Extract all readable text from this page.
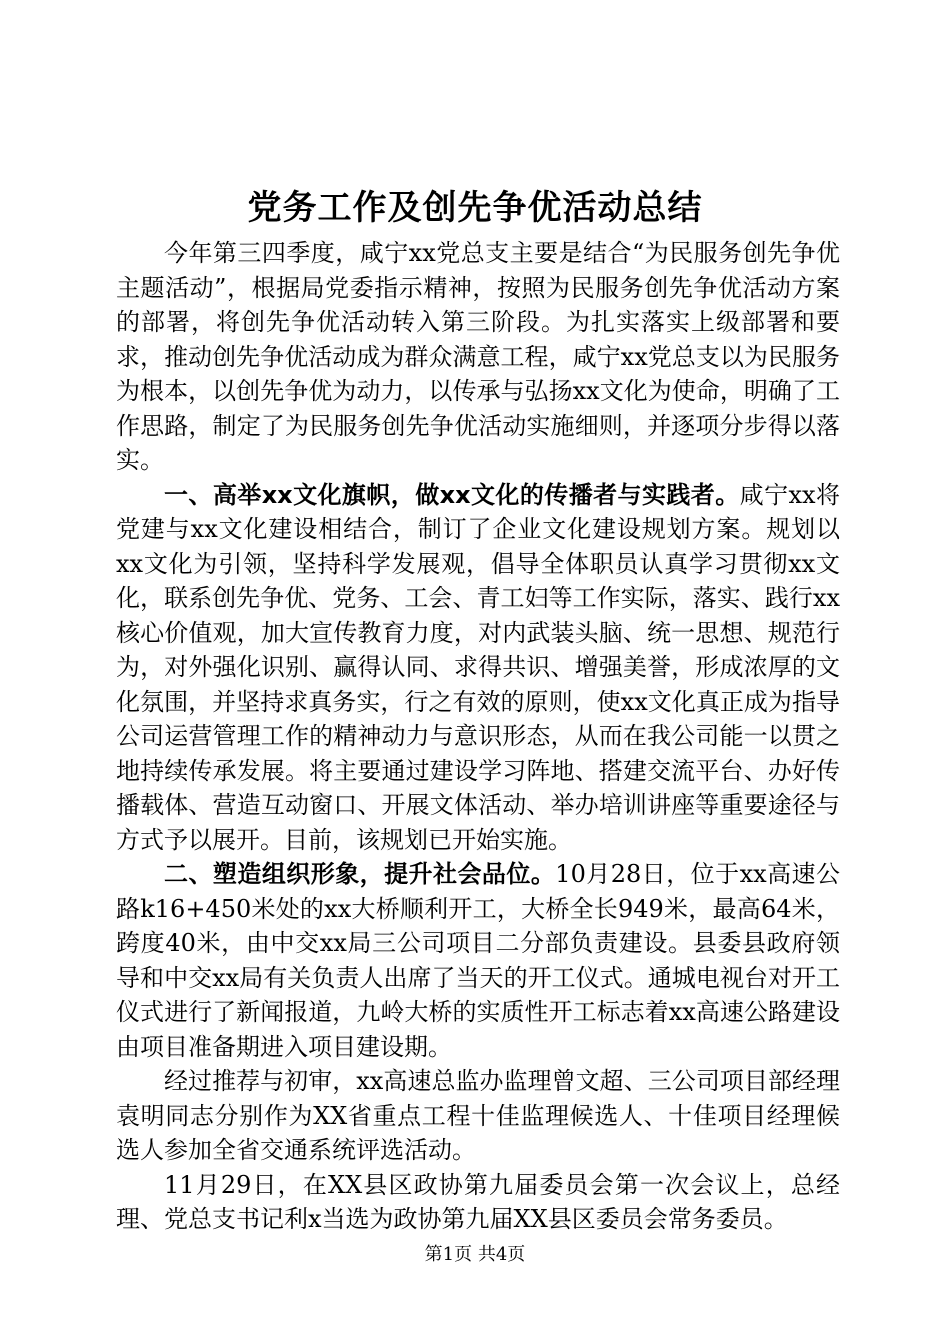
党务工作及创先争优活动总结

今年第三四季度，咸宁xx党总支主要是结合“为民服务创先争优主题活动”，根据局党委指示精神，按照为民服务创先争优活动方案的部署，将创先争优活动转入第三阶段。为扎实落实上级部署和要求，推动创先争优活动成为群众满意工程，咸宁xx党总支以为民服务为根本，以创先争优为动力，以传承与弘扬xx文化为使命，明确了工作思路，制定了为民服务创先争优活动实施细则，并逐项分步得以落实。

一、高举xx文化旗帜，做xx文化的传播者与实践者。咸宁xx将党建与xx文化建设相结合，制订了企业文化建设规划方案。规划以xx文化为引领，坚持科学发展观，倡导全体职员认真学习贯彻xx文化，联系创先争优、党务、工会、青工妇等工作实际，落实、践行xx核心价值观，加大宣传教育力度，对内武装头脑、统一思想、规范行为，对外强化识别、赢得认同、求得共识、增强美誉，形成浓厚的文化氛围，并坚持求真务实，行之有效的原则，使xx文化真正成为指导公司运营管理工作的精神动力与意识形态，从而在我公司能一以贯之地持续传承发展。将主要通过建设学习阵地、搭建交流平台、办好传播载体、营造互动窗口、开展文体活动、举办培训讲座等重要途径与方式予以展开。目前，该规划已开始实施。

二、塑造组织形象，提升社会品位。10月28日，位于xx高速公路k16+450米处的xx大桥顺利开工，大桥全长949米，最高64米，跨度40米，由中交xx局三公司项目二分部负责建设。县委县政府领导和中交xx局有关负责人出席了当天的开工仪式。通城电视台对开工仪式进行了新闻报道，九岭大桥的实质性开工标志着xx高速公路建设由项目准备期进入项目建设期。

经过推荐与初审，xx高速总监办监理曾文超、三公司项目部经理袁明同志分别作为XX省重点工程十佳监理候选人、十佳项目经理候选人参加全省交通系统评选活动。

11月29日，在XX县区政协第九届委员会第一次会议上，总经理、党总支书记利x当选为政协第九届XX县区委员会常务委员。

第1页 共4页
